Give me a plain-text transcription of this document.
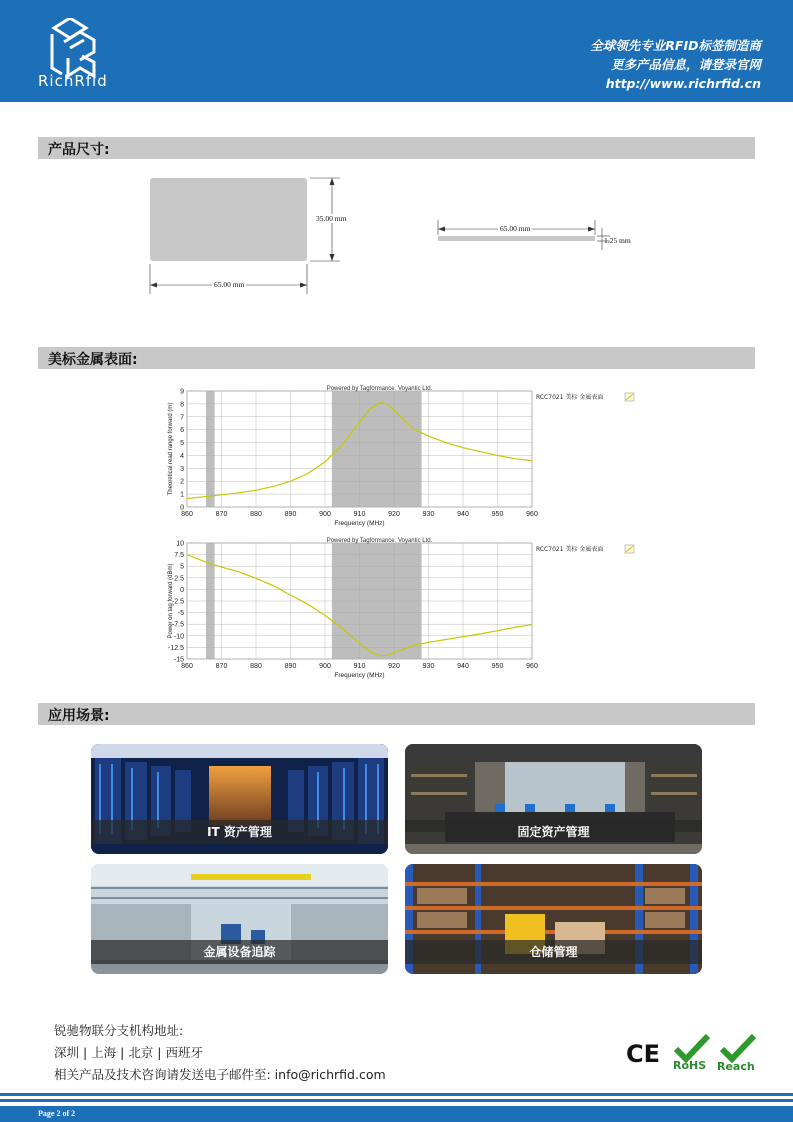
RichRfid
全球领先专业RFID标签制造商
更多产品信息，请登录官网
http://www.richrfid.cn
产品尺寸:
35.00 mm
65.00 mm
65.00 mm
1.25 mm
美标金属表面:
860	870	880	890	900	910	920	930	940	950	960
9
8
7
6
5
4
3
2
1
0
Powered by Tagformance. Voyantic Ltd.
Frequency (MHz)
Theoretical read range forward (m)
RCC7021 美标 金属表面
860	870	880	890	900	910	920	930	940	950	960
10
7.5
5
2.5
0
-2.5
-5
-7.5
-10
-12.5
-15
Powered by Tagformance. Voyantic Ltd.
Frequency (MHz)
Power on tag forward (dBm)
RCC7021 美标 金属表面
应用场景:
IT 资产管理	固定资产管理
金属设备追踪	仓储管理
锐驰物联分支机构地址:
深圳 | 上海 | 北京 | 西班牙
相关产品及技术咨询请发送电子邮件至: info@richrfid.com
CE RoHS Reach
Page 2 of 2
